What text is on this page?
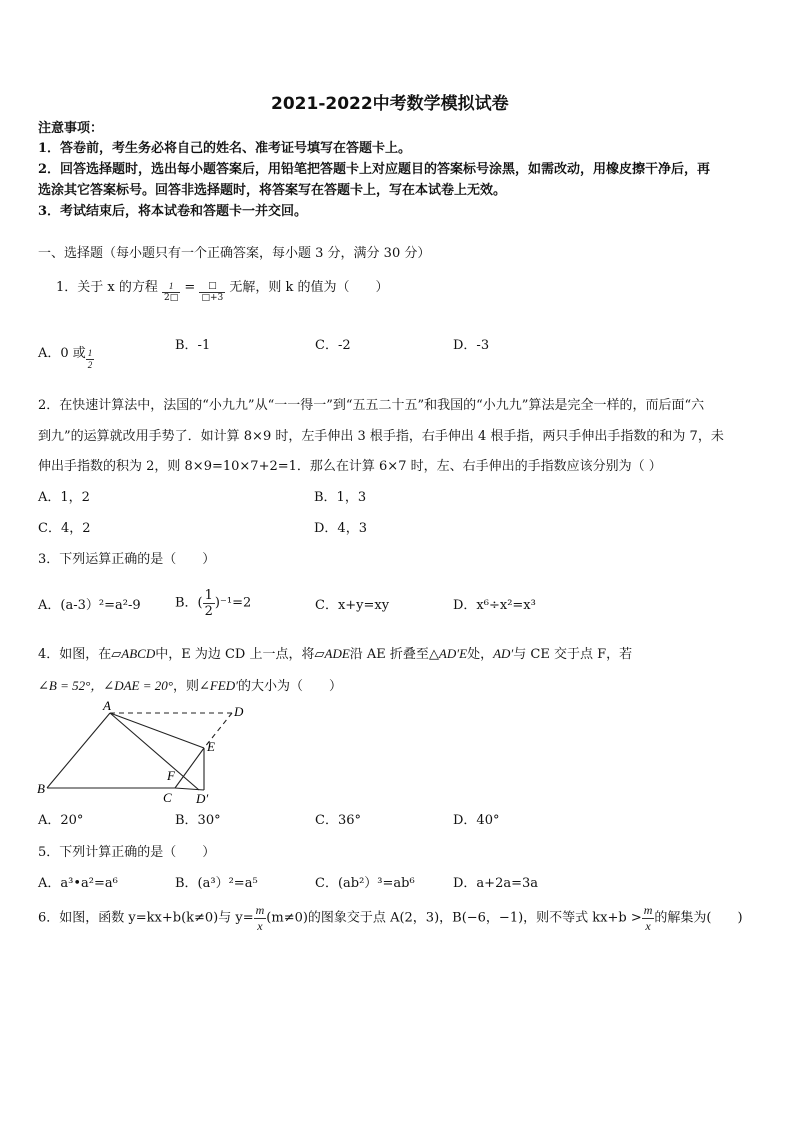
2021-2022中考数学模拟试卷
注意事项：
1．答卷前，考生务必将自己的姓名、准考证号填写在答题卡上。
2．回答选择题时，选出每小题答案后，用铅笔把答题卡上对应题目的答案标号涂黑，如需改动，用橡皮擦干净后，再
选涂其它答案标号。回答非选择题时，将答案写在答题卡上，写在本试卷上无效。
3．考试结束后，将本试卷和答题卡一并交回。
一、选择题（每小题只有一个正确答案，每小题 3 分，满分 30 分）
1．关于 x 的方程 $\frac{1}{2□} = \frac{□}{□+3}$ 无解，则 k 的值为（　　）
A．0 或 $\frac{1}{2}$
B．-1	C．-2	D．-3
2．在快速计算法中，法国的“小九九”从“一一得一”到“五五二十五”和我国的“小九九”算法是完全一样的，而后面“六
到九”的运算就改用手势了．如计算 8×9 时，左手伸出 3 根手指，右手伸出 4 根手指，两只手伸出手指数的和为 7，未
伸出手指数的积为 2，则 8×9=10×7+2=1．那么在计算 6×7 时，左、右手伸出的手指数应该分别为（ ）
A．1，2	B．1，3
C．4，2	D．4，3
3．下列运算正确的是（　　）
A．(a-3）²=a²-9	B．( $\frac{1}{2} )^{-1}=2$	C．x+y=xy	D．x⁶÷x²=x³
4．如图，在▱ABCD中，E 为边 CD 上一点，将▱ADE沿 AE 折叠至△AD′E处，AD′与 CE 交于点 F，若
∠B = 52°，∠DAE = 20°，则∠FED′的大小为（　　）
A
B
C
D
E
F
D′
A．20°	B．30°	C．36°	D．40°
5．下列计算正确的是（　　）
A．a³•a²=a⁶	B．(a³）²=a⁵	C．(ab²）³=ab⁶	D．a+2a=3a
6．如图，函数 y=kx+b(k≠0)与 $y= \frac{m}{x} (m\ne 0)$的图象交于点 A(2，3)，B(−6，−1)，则不等式 $kx+b > \frac{m}{x}$ 的解集为(　　)
